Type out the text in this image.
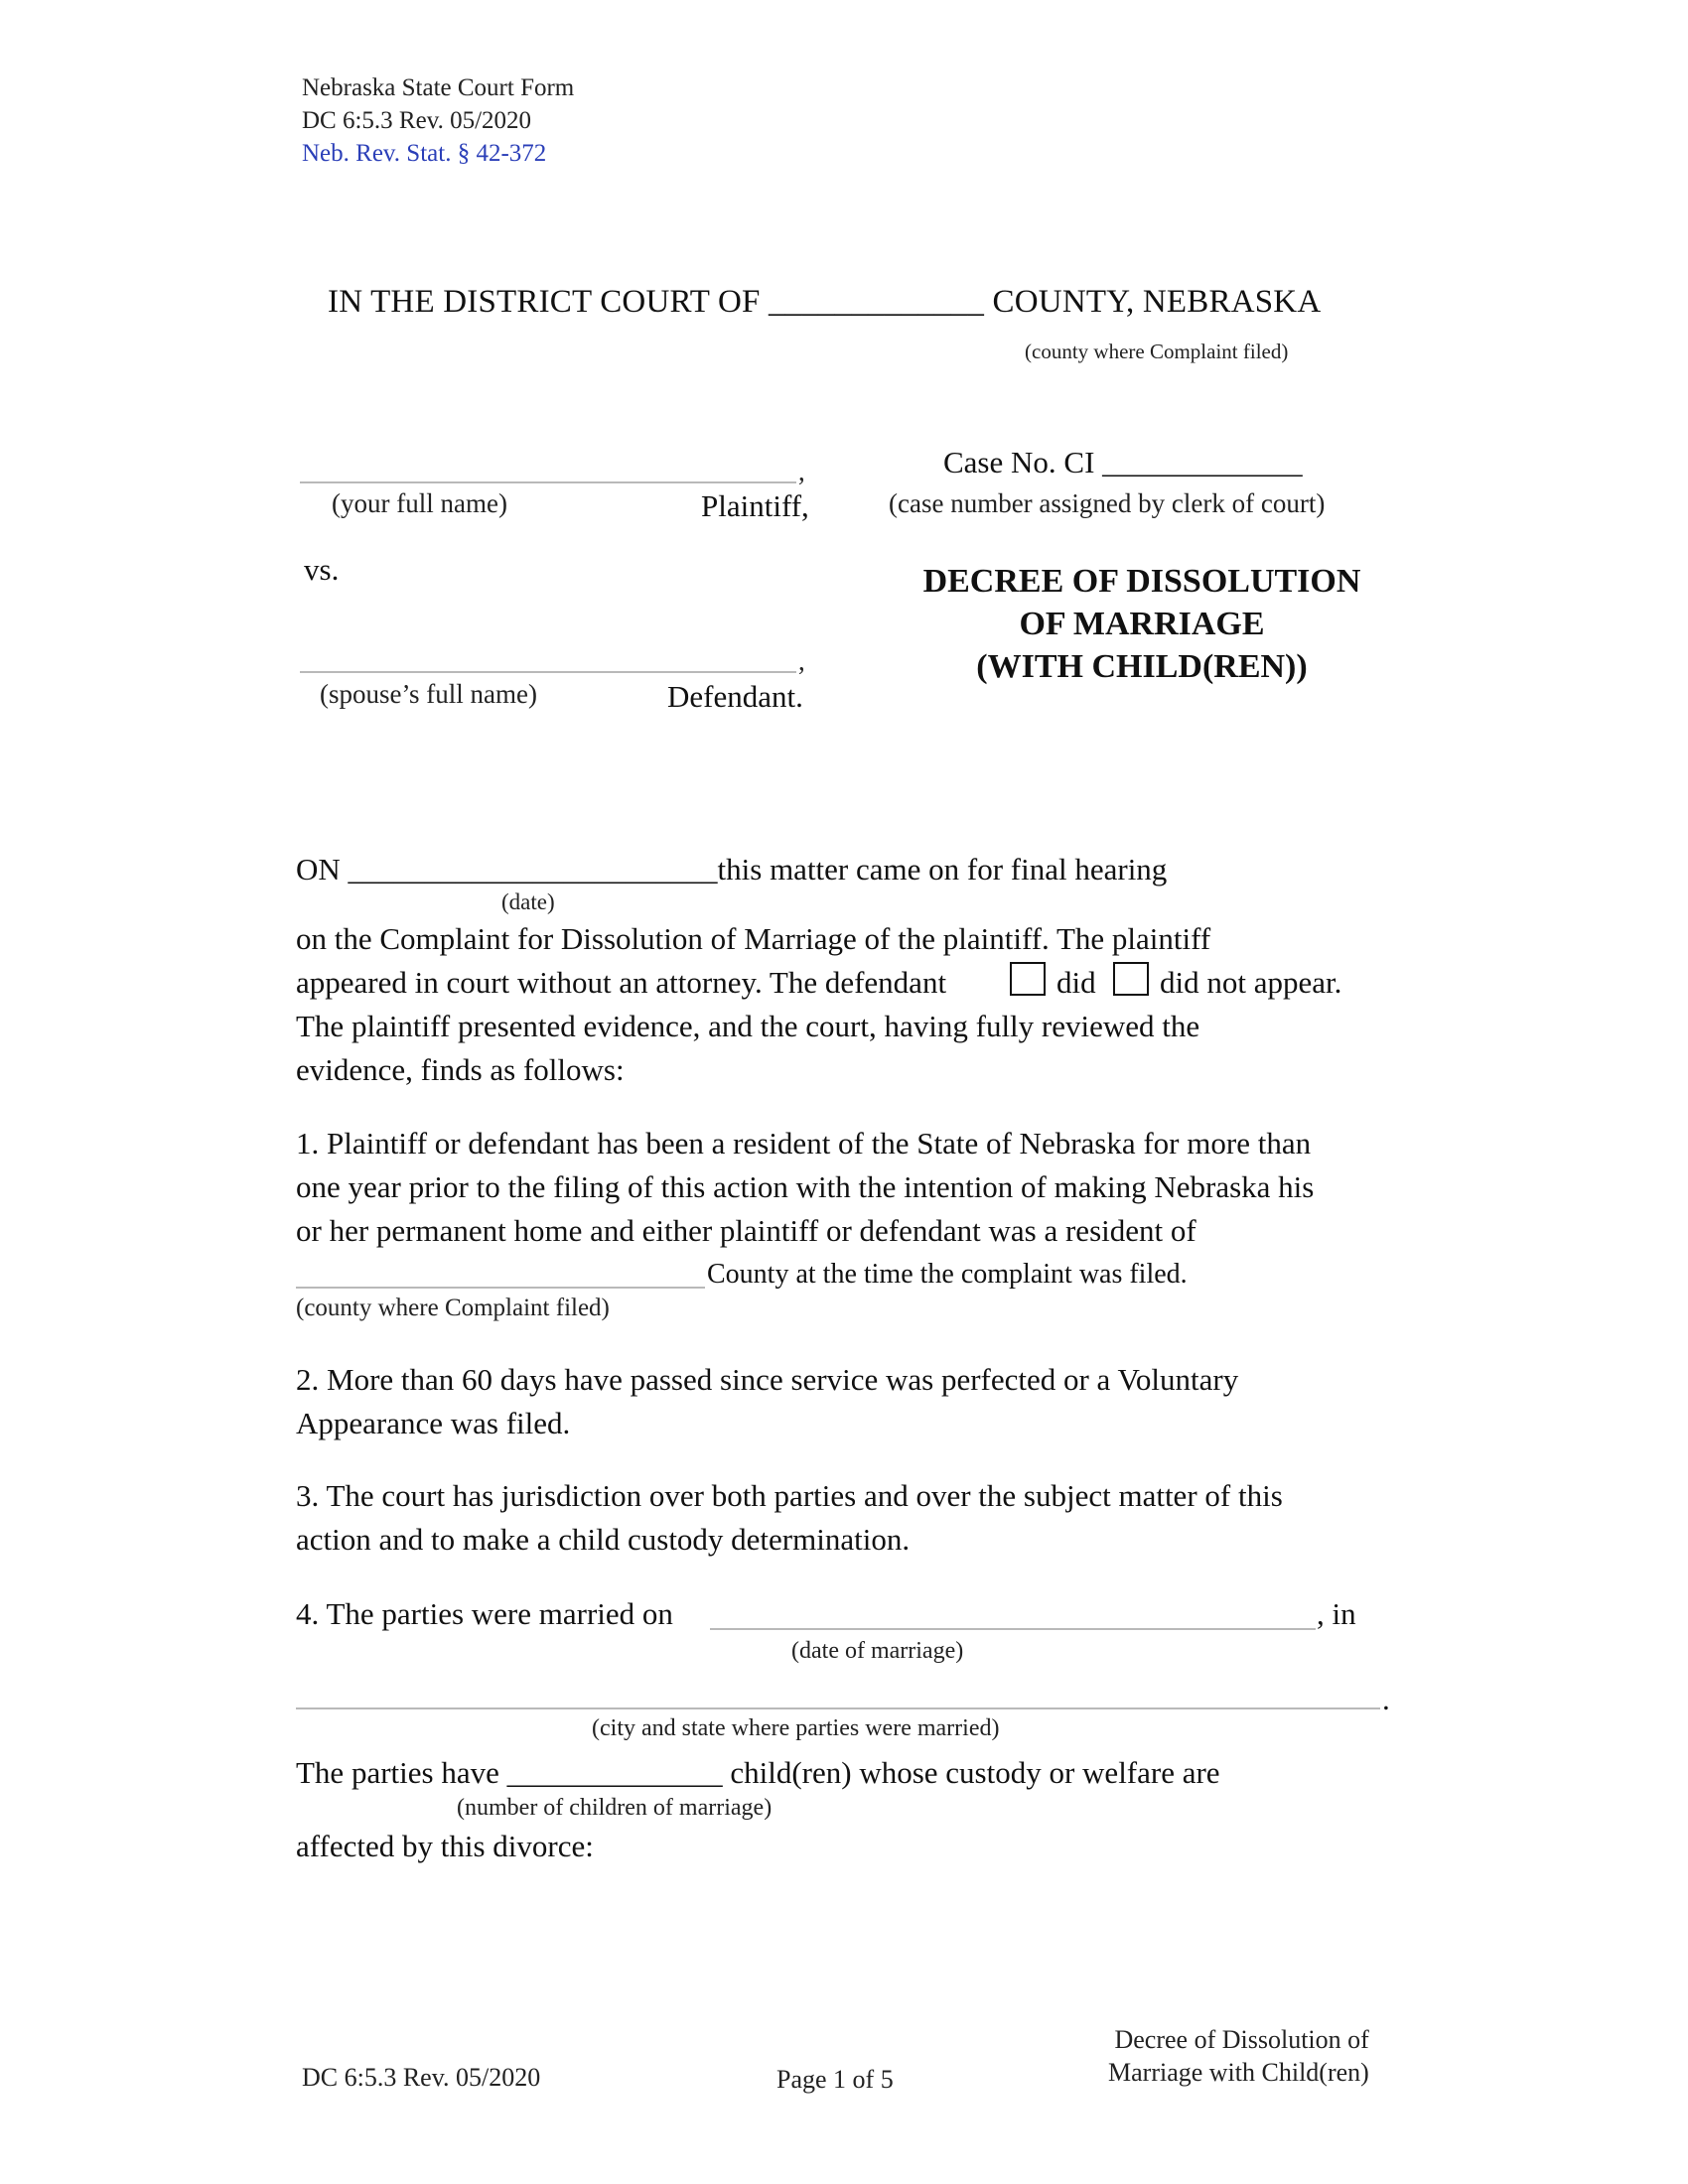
Nebraska State Court Form
DC 6:5.3 Rev. 05/2020
Neb. Rev. Stat. § 42-372
IN THE DISTRICT COURT OF _____________ COUNTY, NEBRASKA
(county where Complaint filed)
,
(your full name)	Plaintiff,
vs.
,
(spouse’s full name)	Defendant.
Case No. CI _____________
(case number assigned by clerk of court)
DECREE OF DISSOLUTION
OF MARRIAGE
(WITH CHILD(REN))
ON ________________________this matter came on for final hearing
(date)
on the Complaint for Dissolution of Marriage of the plaintiff. The plaintiff
appeared in court without an attorney. The defendant	did did not appear.
The plaintiff presented evidence, and the court, having fully reviewed the
evidence, finds as follows:
1. Plaintiff or defendant has been a resident of the State of Nebraska for more than
one year prior to the filing of this action with the intention of making Nebraska his
or her permanent home and either plaintiff or defendant was a resident of
County at the time the complaint was filed.
(county where Complaint filed)
2. More than 60 days have passed since service was perfected or a Voluntary
Appearance was filed.
3. The court has jurisdiction over both parties and over the subject matter of this
action and to make a child custody determination.
4. The parties were married on	, in
(date of marriage)
.
(city and state where parties were married)
The parties have ______________ child(ren) whose custody or welfare are
(number of children of marriage)
affected by this divorce:
DC 6:5.3 Rev. 05/2020	Page 1 of 5
Decree of Dissolution of
Marriage with Child(ren)
